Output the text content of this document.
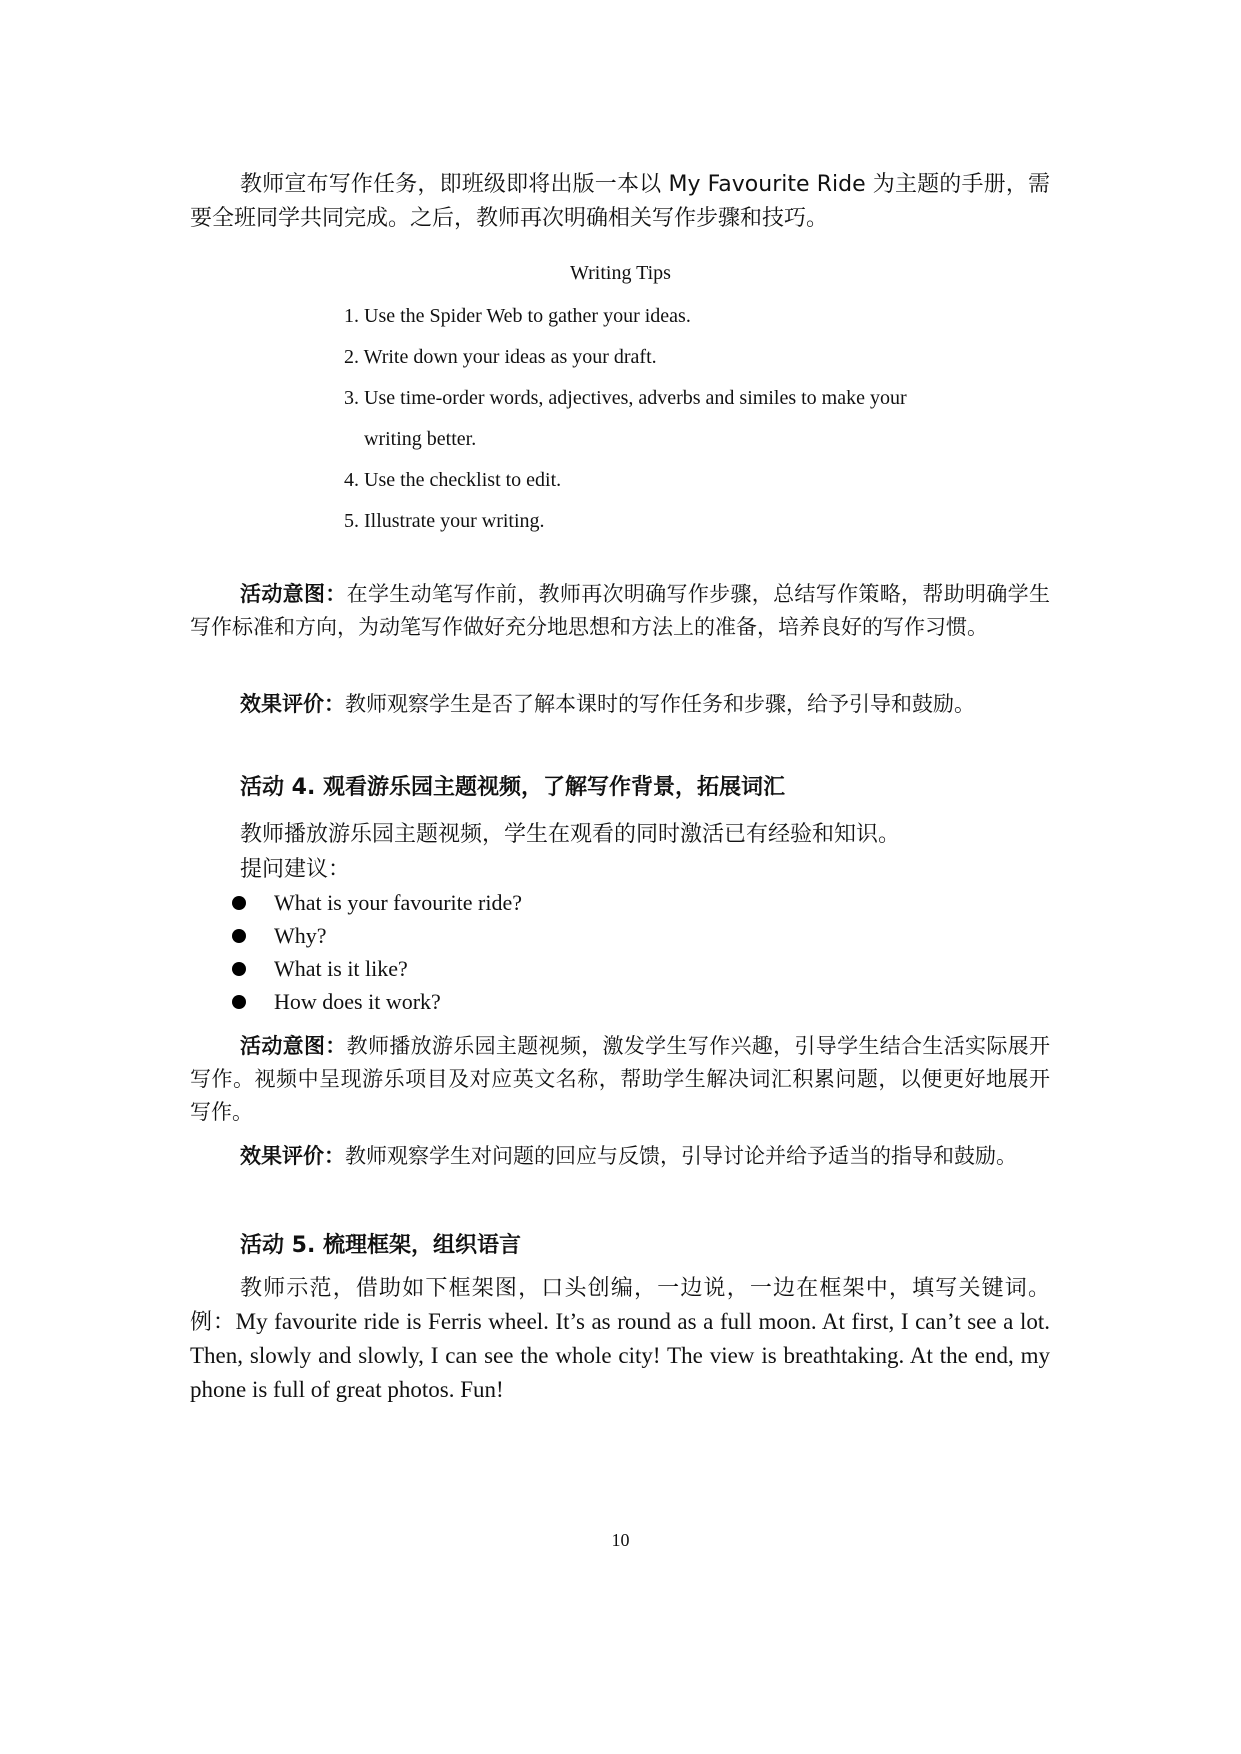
教师宣布写作任务，即班级即将出版一本以 My Favourite Ride 为主题的手册，需要全班同学共同完成。之后，教师再次明确相关写作步骤和技巧。

Writing Tips
1. Use the Spider Web to gather your ideas.
2. Write down your ideas as your draft.
3. Use time-order words, adjectives, adverbs and similes to make your writing better.
4. Use the checklist to edit.
5. Illustrate your writing.

活动意图：在学生动笔写作前，教师再次明确写作步骤，总结写作策略，帮助明确学生写作标准和方向，为动笔写作做好充分地思想和方法上的准备，培养良好的写作习惯。

效果评价：教师观察学生是否了解本课时的写作任务和步骤，给予引导和鼓励。

活动 4. 观看游乐园主题视频，了解写作背景，拓展词汇

教师播放游乐园主题视频，学生在观看的同时激活已有经验和知识。

提问建议：
What is your favourite ride?
Why?
What is it like?
How does it work?

活动意图：教师播放游乐园主题视频，激发学生写作兴趣，引导学生结合生活实际展开写作。视频中呈现游乐项目及对应英文名称，帮助学生解决词汇积累问题，以便更好地展开写作。

效果评价：教师观察学生对问题的回应与反馈，引导讨论并给予适当的指导和鼓励。

活动 5. 梳理框架，组织语言

教师示范，借助如下框架图，口头创编，一边说，一边在框架中，填写关键词。例：My favourite ride is Ferris wheel. It’s as round as a full moon. At first, I can’t see a lot. Then, slowly and slowly, I can see the whole city! The view is breathtaking. At the end, my phone is full of great photos. Fun!

10
